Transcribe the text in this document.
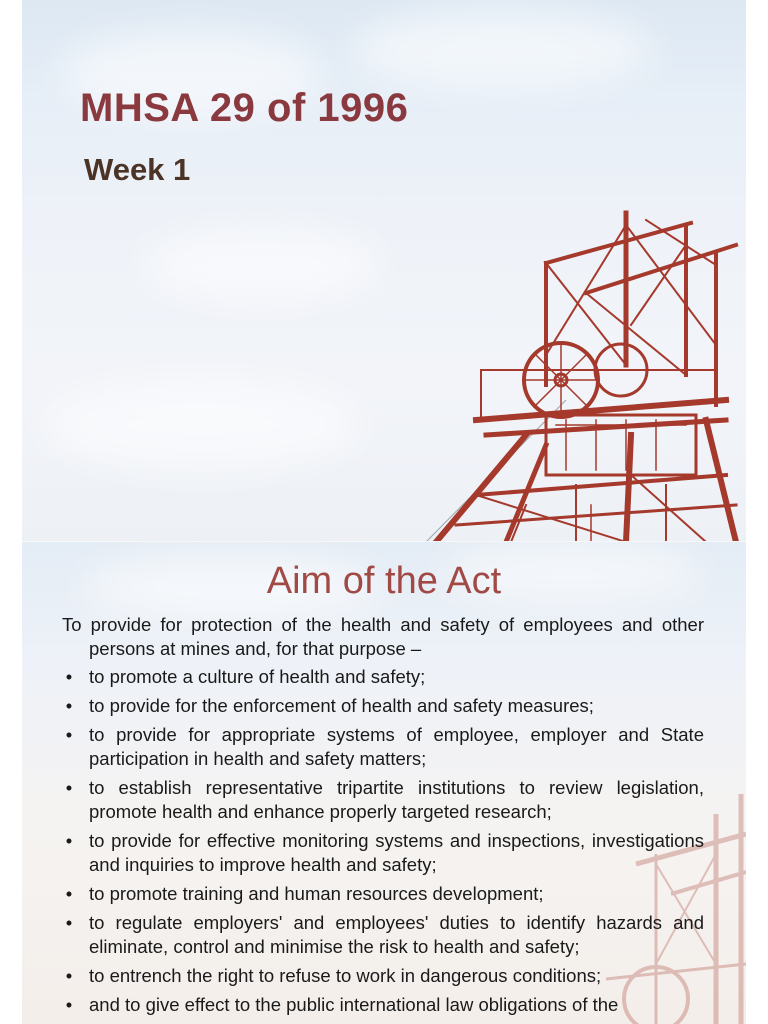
MHSA 29 of 1996
Week 1
Aim of the Act

To provide for protection of the health and safety of employees and other persons at mines and, for that purpose –

• to promote a culture of health and safety;
• to provide for the enforcement of health and safety measures;
• to provide for appropriate systems of employee, employer and State participation in health and safety matters;
• to establish representative tripartite institutions to review legislation, promote health and enhance properly targeted research;
• to provide for effective monitoring systems and inspections, investigations and inquiries to improve health and safety;
• to promote training and human resources development;
• to regulate employers' and employees' duties to identify hazards and eliminate, control and minimise the risk to health and safety;
• to entrench the right to refuse to work in dangerous conditions;
• and to give effect to the public international law obligations of the
